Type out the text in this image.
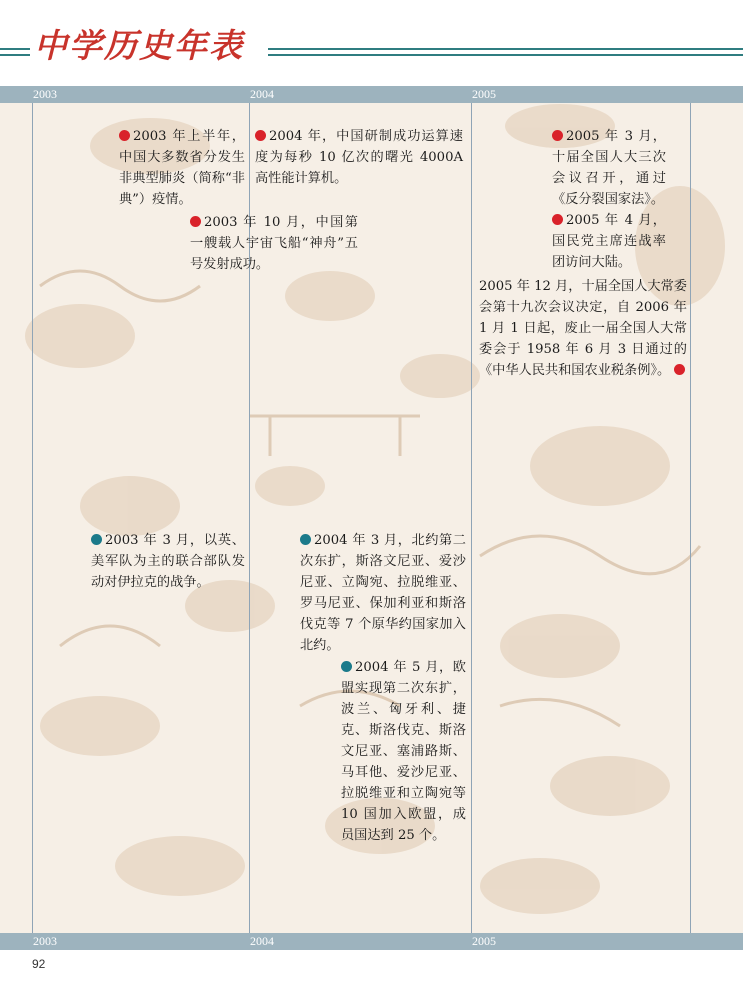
中学历史年表
2003	2004	2005
2003 年上半年，中国大多数省分发生非典型肺炎（简称“非典”）疫情。
2004 年，中国研制成功运算速度为每秒 10 亿次的曙光 4000A 高性能计算机。
2003 年 10 月，中国第一艘载人宇宙飞船“神舟”五号发射成功。
2005 年 3 月，十届全国人大三次会议召开，通过《反分裂国家法》。
2005 年 4 月，国民党主席连战率团访问大陆。
2005 年 12 月，十届全国人大常委会第十九次会议决定，自 2006 年 1 月 1 日起，废止一届全国人大常委会于 1958 年 6 月 3 日通过的《中华人民共和国农业税条例》。
2003 年 3 月，以英、美军队为主的联合部队发动对伊拉克的战争。
2004 年 3 月，北约第二次东扩，斯洛文尼亚、爱沙尼亚、立陶宛、拉脱维亚、罗马尼亚、保加利亚和斯洛伐克等 7 个原华约国家加入北约。
2004 年 5 月，欧盟实现第二次东扩，波兰、匈牙利、捷克、斯洛伐克、斯洛文尼亚、塞浦路斯、马耳他、爱沙尼亚、拉脱维亚和立陶宛等 10 国加入欧盟，成员国达到 25 个。
2003	2004	2005
92
